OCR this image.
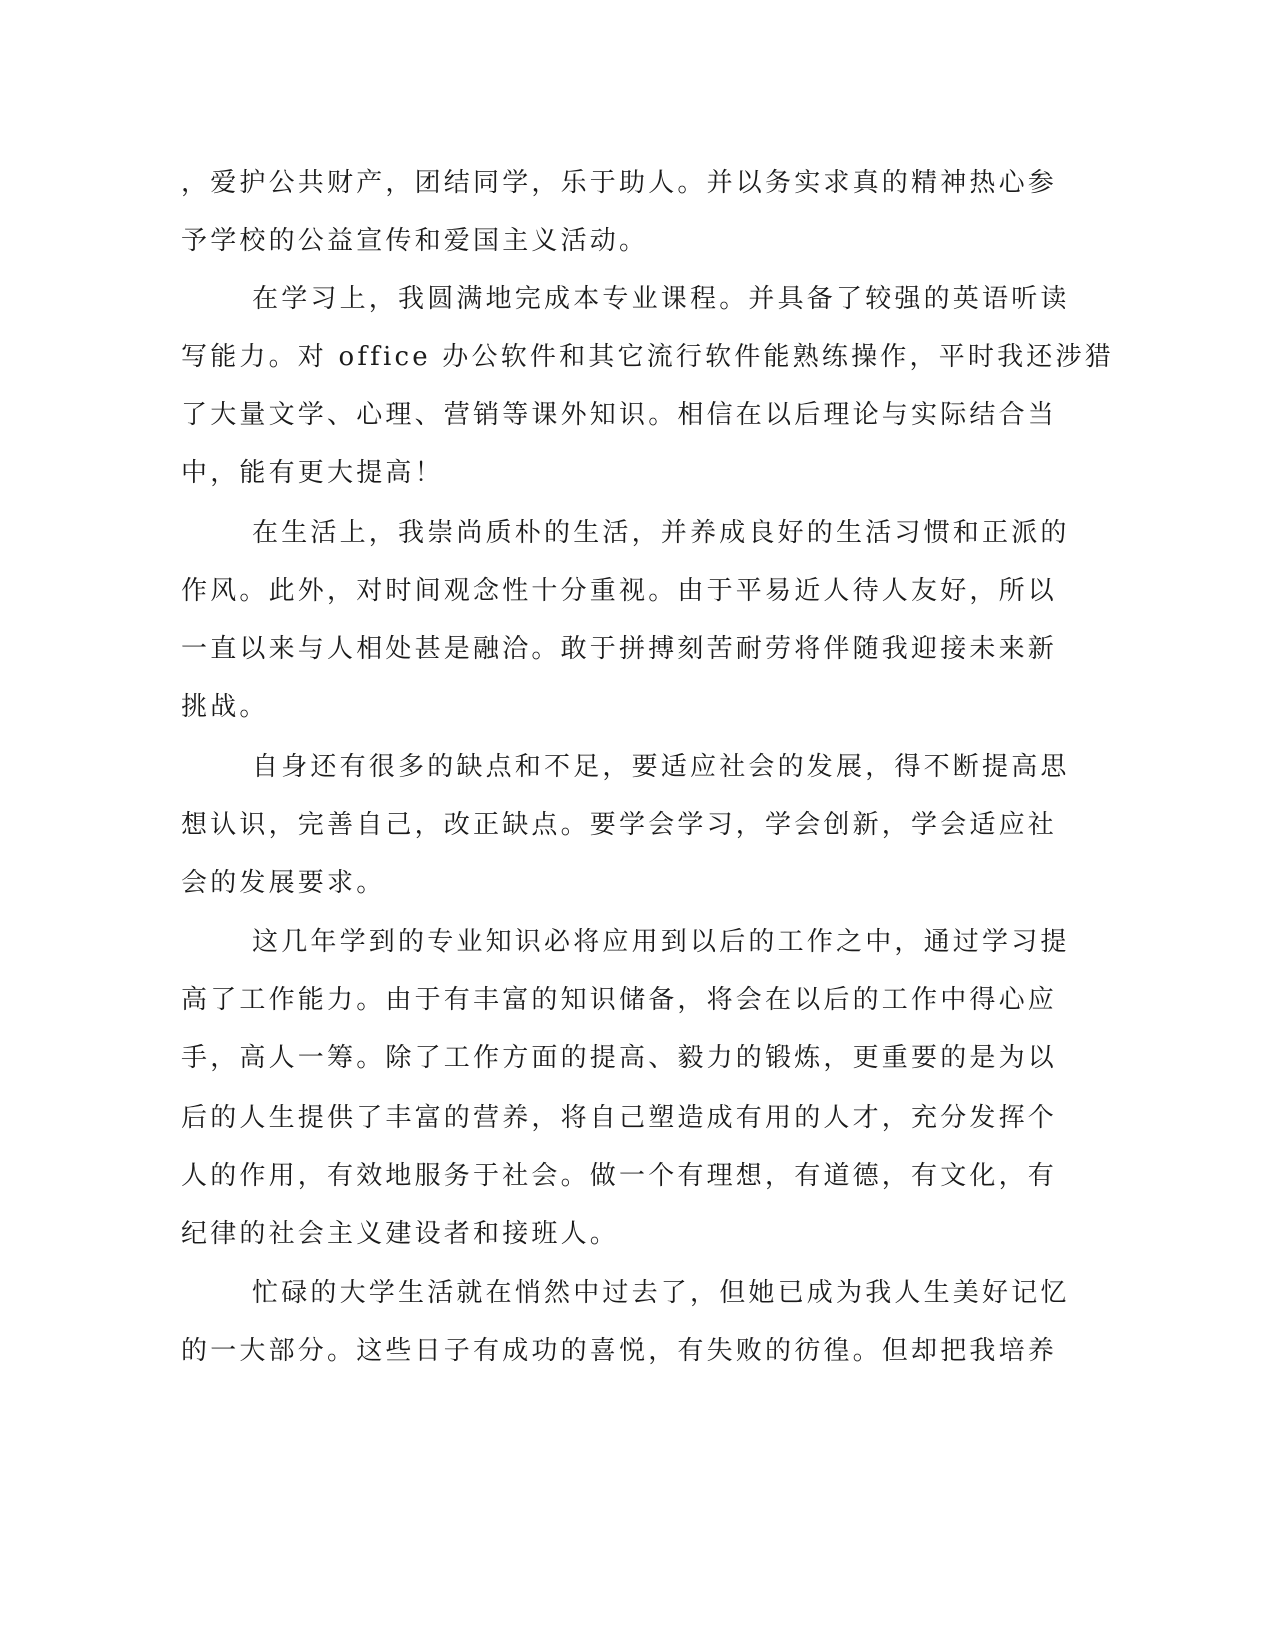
，爱护公共财产，团结同学，乐于助人。并以务实求真的精神热心参

予学校的公益宣传和爱国主义活动。

在学习上，我圆满地完成本专业课程。并具备了较强的英语听读

写能力。对 office 办公软件和其它流行软件能熟练操作，平时我还涉猎

了大量文学、心理、营销等课外知识。相信在以后理论与实际结合当

中，能有更大提高！

在生活上，我崇尚质朴的生活，并养成良好的生活习惯和正派的

作风。此外，对时间观念性十分重视。由于平易近人待人友好，所以

一直以来与人相处甚是融洽。敢于拼搏刻苦耐劳将伴随我迎接未来新

挑战。

自身还有很多的缺点和不足，要适应社会的发展，得不断提高思

想认识，完善自己，改正缺点。要学会学习，学会创新，学会适应社

会的发展要求。

这几年学到的专业知识必将应用到以后的工作之中，通过学习提

高了工作能力。由于有丰富的知识储备，将会在以后的工作中得心应

手，高人一筹。除了工作方面的提高、毅力的锻炼，更重要的是为以

后的人生提供了丰富的营养，将自己塑造成有用的人才，充分发挥个

人的作用，有效地服务于社会。做一个有理想，有道德，有文化，有

纪律的社会主义建设者和接班人。

忙碌的大学生活就在悄然中过去了，但她已成为我人生美好记忆

的一大部分。这些日子有成功的喜悦，有失败的彷徨。但却把我培养
